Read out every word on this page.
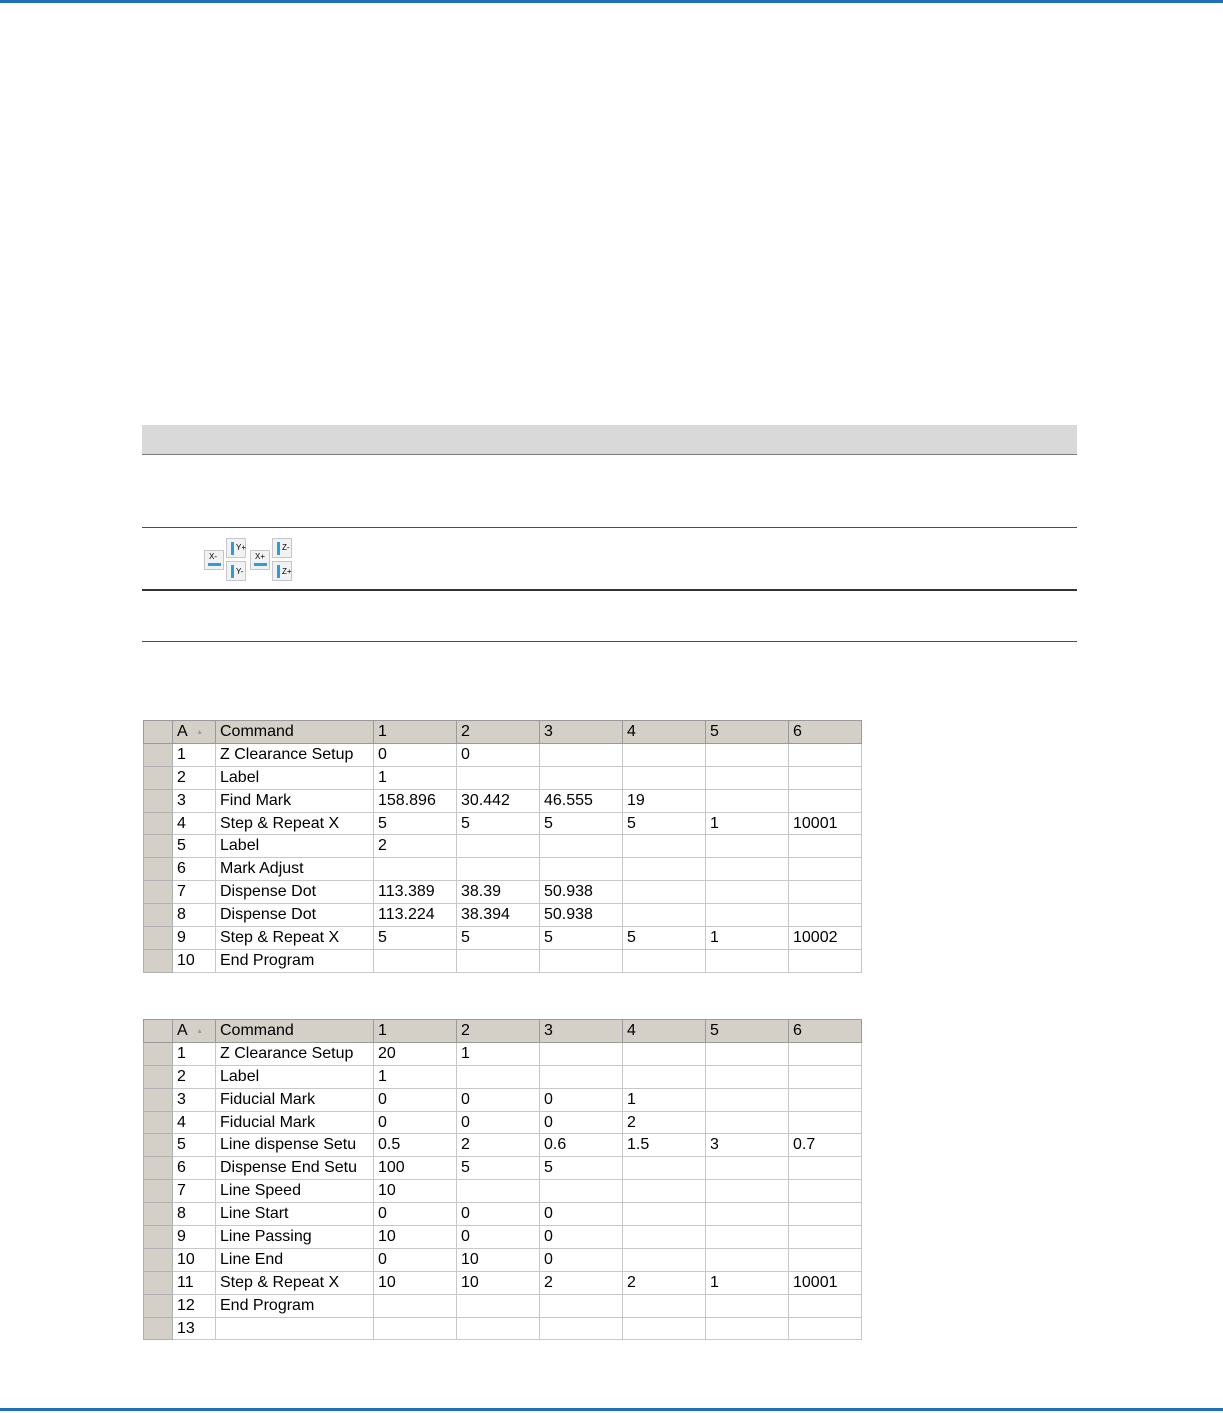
X-
Y+
Y-
X+
Z-
Z+
	A ▴	Command	1	2	3	4	5	6
	1	Z Clearance Setup	0	0				
	2	Label	1					
	3	Find Mark	158.896	30.442	46.555	19		
	4	Step & Repeat X	5	5	5	5	1	10001
	5	Label	2					
	6	Mark Adjust						
	7	Dispense Dot	113.389	38.39	50.938			
	8	Dispense Dot	113.224	38.394	50.938			
	9	Step & Repeat X	5	5	5	5	1	10002
	10	End Program						
	A ▴	Command	1	2	3	4	5	6
	1	Z Clearance Setup	20	1				
	2	Label	1					
	3	Fiducial Mark	0	0	0	1		
	4	Fiducial Mark	0	0	0	2		
	5	Line dispense Setu	0.5	2	0.6	1.5	3	0.7
	6	Dispense End Setu	100	5	5			
	7	Line Speed	10					
	8	Line Start	0	0	0			
	9	Line Passing	10	0	0			
	10	Line End	0	10	0			
	11	Step & Repeat X	10	10	2	2	1	10001
	12	End Program						
	13							
